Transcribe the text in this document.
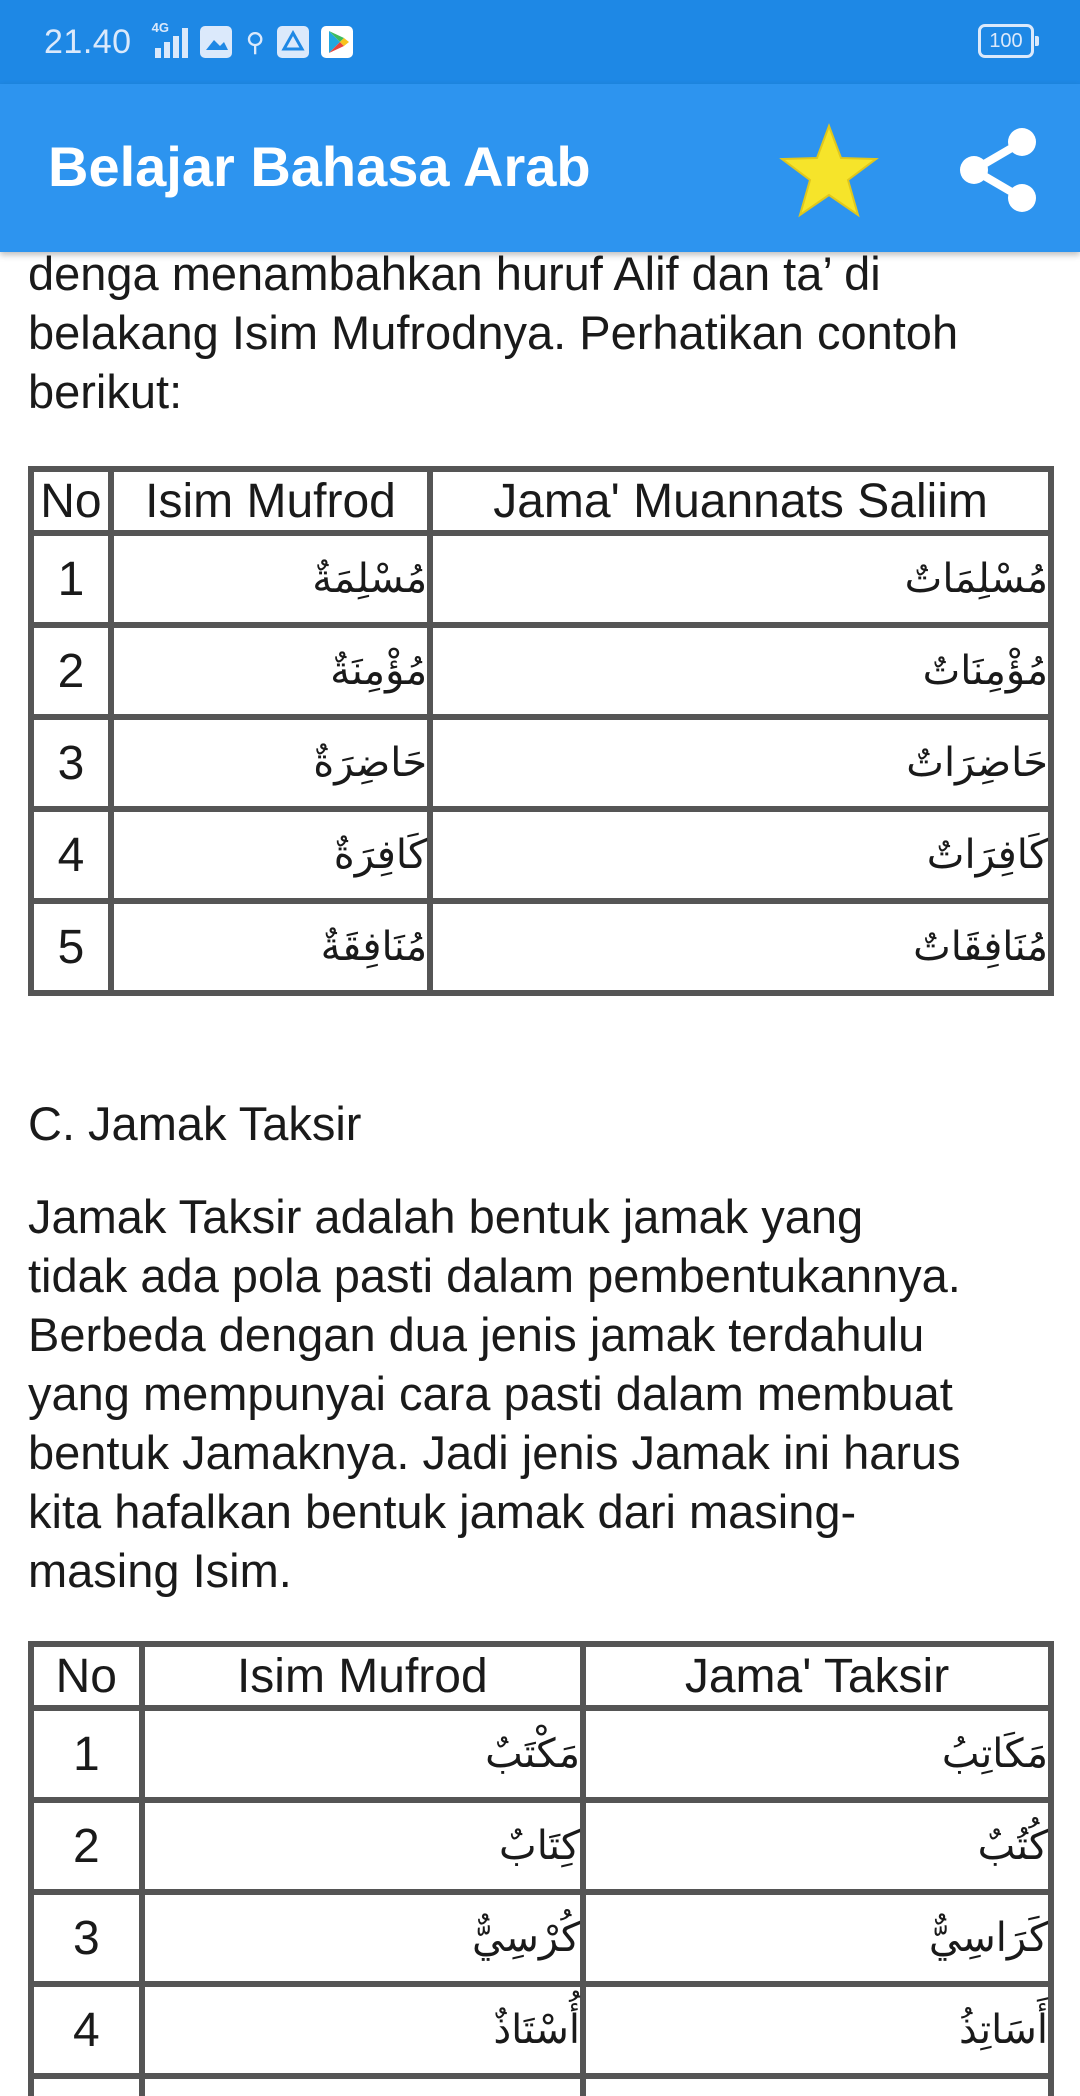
21.40 4G	⚲	100
Belajar Bahasa Arab
denga menambahkan huruf Alif dan ta’ di
belakang Isim Mufrodnya. Perhatikan contoh
berikut:
No	Isim Mufrod	Jama' Muannats Saliim
1	مُسْلِمَةٌ	مُسْلِمَاتٌ
2	مُؤْمِنَةٌ	مُؤْمِنَاتٌ
3	حَاضِرَةٌ	حَاضِرَاتٌ
4	كَافِرَةٌ	كَافِرَاتٌ
5	مُنَافِقَةٌ	مُنَافِقَاتٌ
C. Jamak Taksir
Jamak Taksir adalah bentuk jamak yang
tidak ada pola pasti dalam pembentukannya.
Berbeda dengan dua jenis jamak terdahulu
yang mempunyai cara pasti dalam membuat
bentuk Jamaknya. Jadi jenis Jamak ini harus
kita hafalkan bentuk jamak dari masing-
masing Isim.
No	Isim Mufrod	Jama' Taksir
1	مَكْتَبٌ	مَكَاتِبُ
2	كِتَابٌ	كُتُبٌ
3	كُرْسِيٌّ	كَرَاسِيٌّ
4	أُسْتَاذٌ	أَسَاتِذُ
